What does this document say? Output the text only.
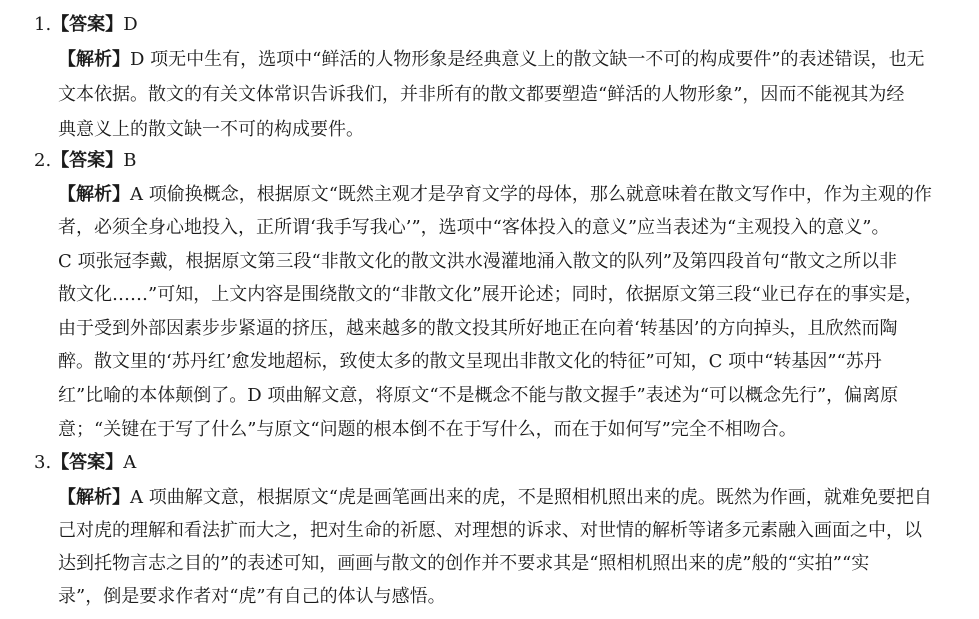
1.【答案】D
【解析】D 项无中生有，选项中“鲜活的人物形象是经典意义上的散文缺一不可的构成要件”的表述错误，也无
文本依据。散文的有关文体常识告诉我们，并非所有的散文都要塑造“鲜活的人物形象”，因而不能视其为经
典意义上的散文缺一不可的构成要件。
2.【答案】B
【解析】A 项偷换概念，根据原文“既然主观才是孕育文学的母体，那么就意味着在散文写作中，作为主观的作
者，必须全身心地投入，正所谓‘我手写我心’”，选项中“客体投入的意义”应当表述为“主观投入的意义”。
C 项张冠李戴，根据原文第三段“非散文化的散文洪水漫灌地涌入散文的队列”及第四段首句“散文之所以非
散文化……”可知，上文内容是围绕散文的“非散文化”展开论述；同时，依据原文第三段“业已存在的事实是，
由于受到外部因素步步紧逼的挤压，越来越多的散文投其所好地正在向着‘转基因’的方向掉头，且欣然而陶
醉。散文里的‘苏丹红’愈发地超标，致使太多的散文呈现出非散文化的特征”可知，C 项中“转基因”“苏丹
红”比喻的本体颠倒了。D 项曲解文意，将原文“不是概念不能与散文握手”表述为“可以概念先行”，偏离原
意；“关键在于写了什么”与原文“问题的根本倒不在于写什么，而在于如何写”完全不相吻合。
3.【答案】A
【解析】A 项曲解文意，根据原文“虎是画笔画出来的虎，不是照相机照出来的虎。既然为作画，就难免要把自
己对虎的理解和看法扩而大之，把对生命的祈愿、对理想的诉求、对世情的解析等诸多元素融入画面之中，以
达到托物言志之目的”的表述可知，画画与散文的创作并不要求其是“照相机照出来的虎”般的“实拍”“实
录”，倒是要求作者对“虎”有自己的体认与感悟。
